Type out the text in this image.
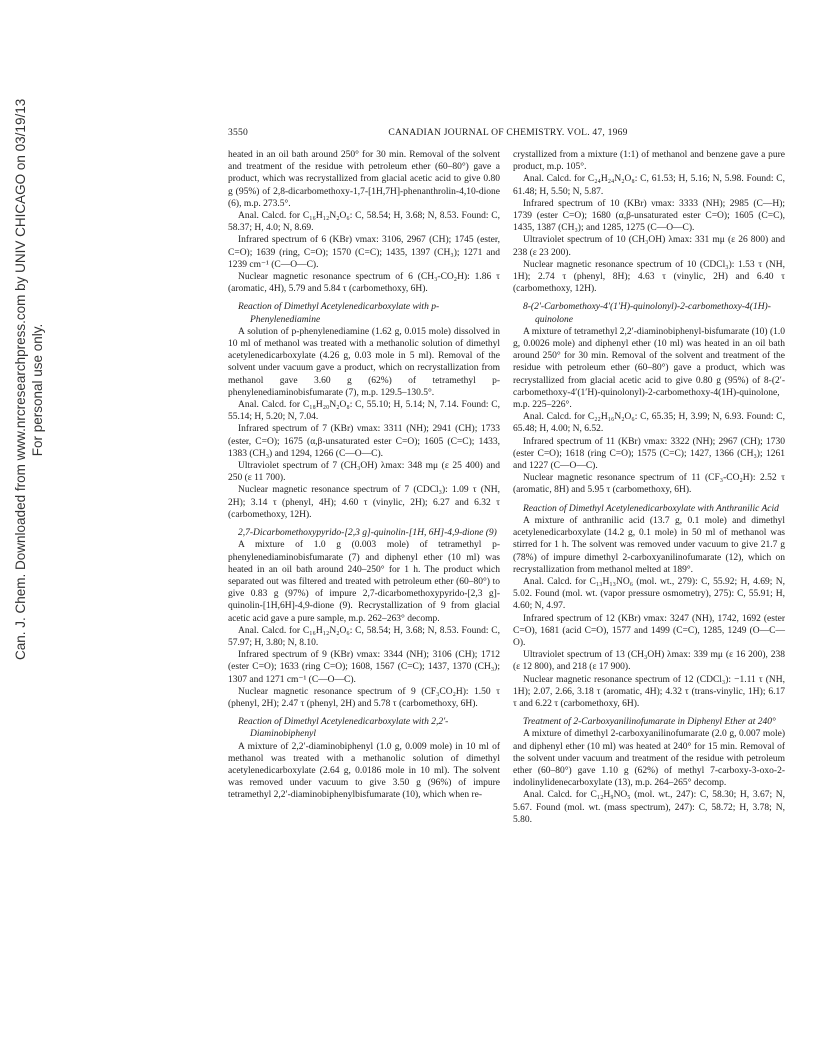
3550	CANADIAN JOURNAL OF CHEMISTRY. VOL. 47, 1969
Can. J. Chem. Downloaded from www.nrcresearchpress.com by UNIV CHICAGO on 03/19/13 For personal use only.

heated in an oil bath around 250° for 30 min. Removal of the solvent and treatment of the residue with petroleum ether (60–80°) gave a product, which was recrystallized from glacial acetic acid to give 0.80 g (95%) of 2,8-dicarbomethoxy-1,7-[1H,7H]-phenanthrolin-4,10-dione (6), m.p. 273.5°.

Anal. Calcd. for C₁₆H₁₂N₂O₆: C, 58.54; H, 3.68; N, 8.53. Found: C, 58.37; H, 4.0; N, 8.69.

Infrared spectrum of 6 (KBr) νmax: 3106, 2967 (CH); 1745 (ester, C=O); 1639 (ring, C=O); 1570 (C=C); 1435, 1397 (CH₃); 1271 and 1239 cm⁻¹ (C—O—C).

Nuclear magnetic resonance spectrum of 6 (CH₃-CO₂H): 1.86 τ (aromatic, 4H), 5.79 and 5.84 τ (carbomethoxy, 6H).

Reaction of Dimethyl Acetylenedicarboxylate with p-Phenylenediamine

A solution of p-phenylenediamine (1.62 g, 0.015 mole) dissolved in 10 ml of methanol was treated with a methanolic solution of dimethyl acetylenedicarboxylate (4.26 g, 0.03 mole in 5 ml). Removal of the solvent under vacuum gave a product, which on recrystallization from methanol gave 3.60 g (62%) of tetramethyl p-phenylenediaminobisfumarate (7), m.p. 129.5–130.5°.

Anal. Calcd. for C₁₈H₂₀N₂O₈: C, 55.10; H, 5.14; N, 7.14. Found: C, 55.14; H, 5.20; N, 7.04.

Infrared spectrum of 7 (KBr) νmax: 3311 (NH); 2941 (CH); 1733 (ester, C=O); 1675 (α,β-unsaturated ester C=O); 1605 (C=C); 1433, 1383 (CH₃) and 1294, 1266 (C—O—C).

Ultraviolet spectrum of 7 (CH₃OH) λmax: 348 mμ (ε 25 400) and 250 (ε 11 700).

Nuclear magnetic resonance spectrum of 7 (CDCl₃): 1.09 τ (NH, 2H); 3.14 τ (phenyl, 4H); 4.60 τ (vinylic, 2H); 6.27 and 6.32 τ (carbomethoxy, 12H).

2,7-Dicarbomethoxypyrido-[2,3 g]-quinolin-[1H, 6H]-4,9-dione (9)

A mixture of 1.0 g (0.003 mole) of tetramethyl p-phenylenediaminobisfumarate (7) and diphenyl ether (10 ml) was heated in an oil bath around 240–250° for 1 h. The product which separated out was filtered and treated with petroleum ether (60–80°) to give 0.83 g (97%) of impure 2,7-dicarbomethoxypyrido-[2,3 g]-quinolin-[1H,6H]-4,9-dione (9). Recrystallization of 9 from glacial acetic acid gave a pure sample, m.p. 262–263° decomp.

Anal. Calcd. for C₁₆H₁₂N₂O₆: C, 58.54; H, 3.68; N, 8.53. Found: C, 57.97; H, 3.80; N, 8.10.

Infrared spectrum of 9 (KBr) νmax: 3344 (NH); 3106 (CH); 1712 (ester C=O); 1633 (ring C=O); 1608, 1567 (C=C); 1437, 1370 (CH₃); 1307 and 1271 cm⁻¹ (C—O—C).

Nuclear magnetic resonance spectrum of 9 (CF₃CO₂H): 1.50 τ (phenyl, 2H); 2.47 τ (phenyl, 2H) and 5.78 τ (carbomethoxy, 6H).

Reaction of Dimethyl Acetylenedicarboxylate with 2,2′-Diaminobiphenyl

A mixture of 2,2′-diaminobiphenyl (1.0 g, 0.009 mole) in 10 ml of methanol was treated with a methanolic solution of dimethyl acetylenedicarboxylate (2.64 g, 0.0186 mole in 10 ml). The solvent was removed under vacuum to give 3.50 g (96%) of impure tetramethyl 2,2′-diaminobiphenylbisfumarate (10), which when re-

crystallized from a mixture (1:1) of methanol and benzene gave a pure product, m.p. 105°.

Anal. Calcd. for C₂₄H₂₄N₂O₈: C, 61.53; H, 5.16; N, 5.98. Found: C, 61.48; H, 5.50; N, 5.87.

Infrared spectrum of 10 (KBr) νmax: 3333 (NH); 2985 (C—H); 1739 (ester C=O); 1680 (α,β-unsaturated ester C=O); 1605 (C=C), 1435, 1387 (CH₃); and 1285, 1275 (C—O—C).

Ultraviolet spectrum of 10 (CH₃OH) λmax: 331 mμ (ε 26 800) and 238 (ε 23 200).

Nuclear magnetic resonance spectrum of 10 (CDCl₃): 1.53 τ (NH, 1H); 2.74 τ (phenyl, 8H); 4.63 τ (vinylic, 2H) and 6.40 τ (carbomethoxy, 12H).

8-(2′-Carbomethoxy-4′(1′H)-quinolonyl)-2-carbomethoxy-4(1H)-quinolone

A mixture of tetramethyl 2,2′-diaminobiphenyl-bisfumarate (10) (1.0 g, 0.0026 mole) and diphenyl ether (10 ml) was heated in an oil bath around 250° for 30 min. Removal of the solvent and treatment of the residue with petroleum ether (60–80°) gave a product, which was recrystallized from glacial acetic acid to give 0.80 g (95%) of 8-(2′-carbomethoxy-4′(1′H)-quinolonyl)-2-carbomethoxy-4(1H)-quinolone, m.p. 225–226°.

Anal. Calcd. for C₂₂H₁₆N₂O₆: C, 65.35; H, 3.99; N, 6.93. Found: C, 65.48; H, 4.00; N, 6.52.

Infrared spectrum of 11 (KBr) νmax: 3322 (NH); 2967 (CH); 1730 (ester C=O); 1618 (ring C=O); 1575 (C=C); 1427, 1366 (CH₃); 1261 and 1227 (C—O—C).

Nuclear magnetic resonance spectrum of 11 (CF₃-CO₂H): 2.52 τ (aromatic, 8H) and 5.95 τ (carbomethoxy, 6H).

Reaction of Dimethyl Acetylenedicarboxylate with Anthranilic Acid

A mixture of anthranilic acid (13.7 g, 0.1 mole) and dimethyl acetylenedicarboxylate (14.2 g, 0.1 mole) in 50 ml of methanol was stirred for 1 h. The solvent was removed under vacuum to give 21.7 g (78%) of impure dimethyl 2-carboxyanilinofumarate (12), which on recrystallization from methanol melted at 189°.

Anal. Calcd. for C₁₃H₁₃NO₆ (mol. wt., 279): C, 55.92; H, 4.69; N, 5.02. Found (mol. wt. (vapor pressure osmometry), 275): C, 55.91; H, 4.60; N, 4.97.

Infrared spectrum of 12 (KBr) νmax: 3247 (NH), 1742, 1692 (ester C=O), 1681 (acid C=O), 1577 and 1499 (C=C), 1285, 1249 (O—C—O).

Ultraviolet spectrum of 13 (CH₃OH) λmax: 339 mμ (ε 16 200), 238 (ε 12 800), and 218 (ε 17 900).

Nuclear magnetic resonance spectrum of 12 (CDCl₃): −1.11 τ (NH, 1H); 2.07, 2.66, 3.18 τ (aromatic, 4H); 4.32 τ (trans-vinylic, 1H); 6.17 τ and 6.22 τ (carbomethoxy, 6H).

Treatment of 2-Carboxyanilinofumarate in Diphenyl Ether at 240°

A mixture of dimethyl 2-carboxyanilinofumarate (2.0 g, 0.007 mole) and diphenyl ether (10 ml) was heated at 240° for 15 min. Removal of the solvent under vacuum and treatment of the residue with petroleum ether (60–80°) gave 1.10 g (62%) of methyl 7-carboxy-3-oxo-2-indolinylidenecarboxylate (13), m.p. 264–265° decomp.

Anal. Calcd. for C₁₂H₉NO₅ (mol. wt., 247): C, 58.30; H, 3.67; N, 5.67. Found (mol. wt. (mass spectrum), 247): C, 58.72; H, 3.78; N, 5.80.
